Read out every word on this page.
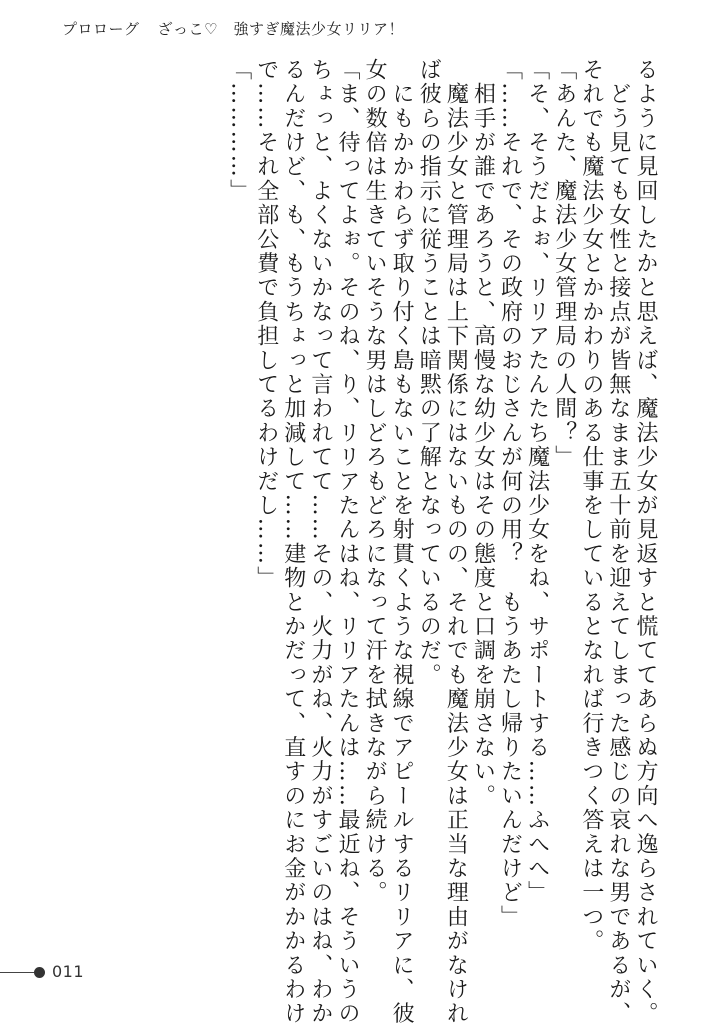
プロローグ ざっこ♡　強すぎ魔法少女リリア！
るように見回したかと思えば、魔法少女が見返すと慌ててあらぬ方向へ逸らされていく。
　どう見ても女性と接点が皆無なまま五十前を迎えてしまった感じの哀れな男であるが、
それでも魔法少女とかかわりのある仕事をしているとなれば行きつく答えは一つ。
「あんた、魔法少女管理局の人間？」
「そ、そうだよぉ、リリアたんたち魔法少女をね、サポートする……ふへへ」
「……それで、その政府のおじさんが何の用？　もうあたし帰りたいんだけど」
　相手が誰であろうと、高慢な幼少女はその態度と口調を崩さない。
　魔法少女と管理局は上下関係にはないものの、それでも魔法少女は正当な理由がなけれ
ば彼らの指示に従うことは暗黙の了解となっているのだ。
　にもかかわらず取り付く島もないことを射貫くような視線でアピールするリリアに、彼
女の数倍は生きていそうな男はしどろもどろになって汗を拭きながら続ける。
「ま、待ってよぉ。そのね、り、リリアたんはね、リリアたんは……最近ね、そういうの
ちょっと、よくないかなって言われてて……その、火力がね、火力がすごいのはね、わか
るんだけど、も、もうちょっと加減して……建物とかだって、直すのにお金がかかるわけ
で……それ全部公費で負担してるわけだし……」
「…………」
011
